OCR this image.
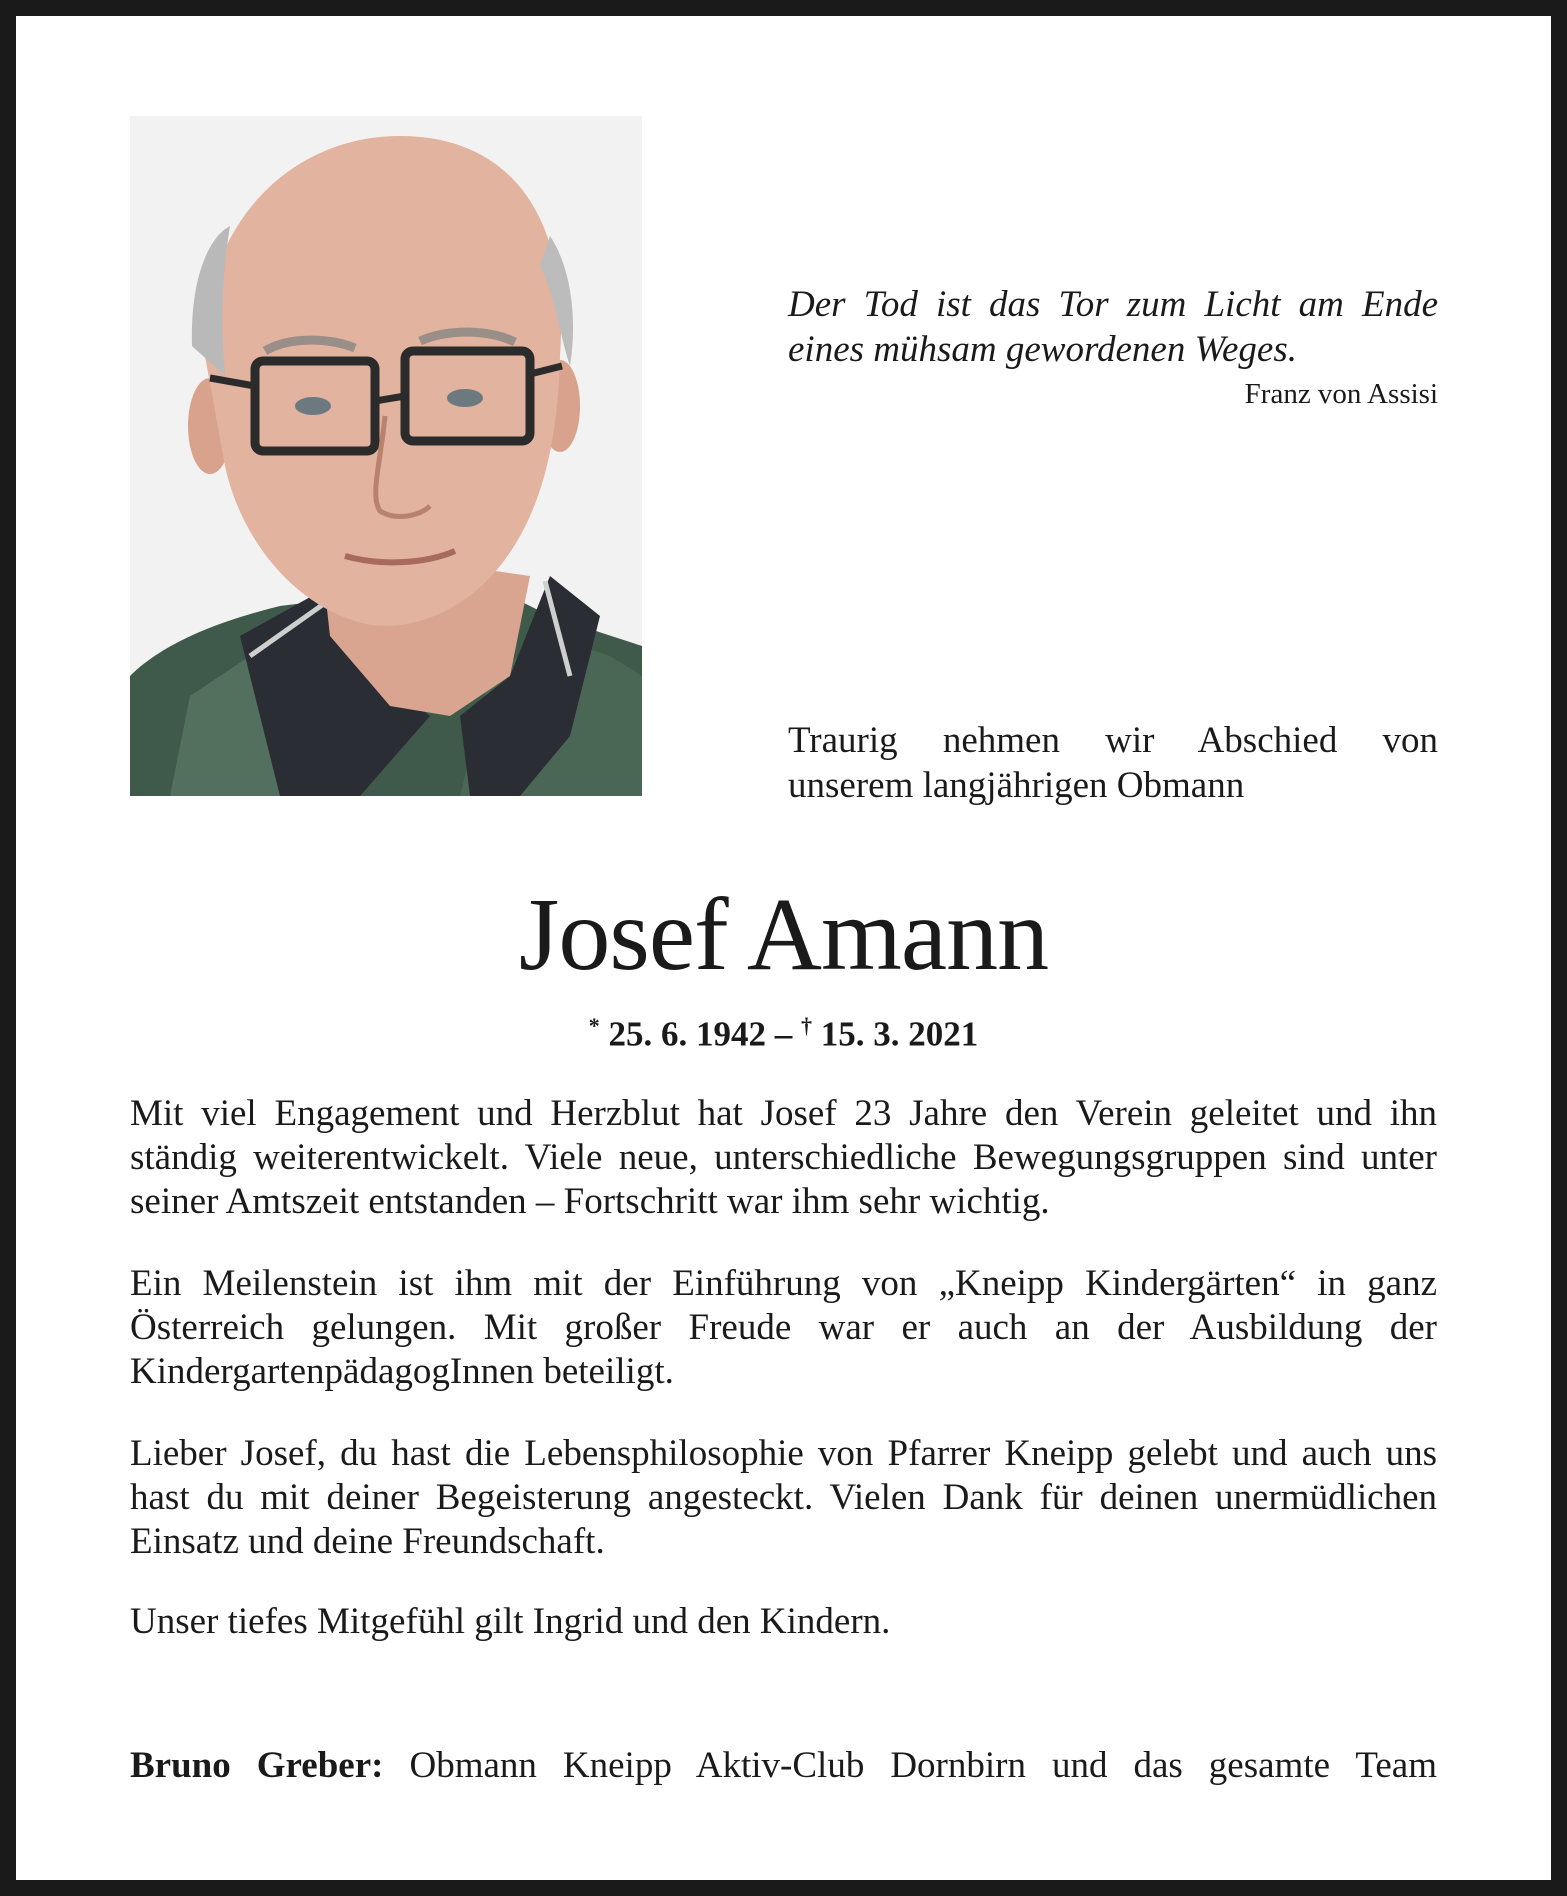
Der Tod ist das Tor zum Licht am Ende eines mühsam gewordenen Weges.
Franz von Assisi
Traurig nehmen wir Abschied von
unserem langjährigen Obmann
Josef Amann
* 25. 6. 1942 – † 15. 3. 2021
Mit viel Engagement und Herzblut hat Josef 23 Jahre den Verein geleitet und ihn ständig weiterentwickelt. Viele neue, unterschiedliche Bewegungsgruppen sind unter seiner Amtszeit entstanden – Fortschritt war ihm sehr wichtig.
Ein Meilenstein ist ihm mit der Einführung von „Kneipp Kindergärten“ in ganz Österreich gelungen. Mit großer Freude war er auch an der Ausbildung der KindergartenpädagogInnen beteiligt.
Lieber Josef, du hast die Lebensphilosophie von Pfarrer Kneipp gelebt und auch uns hast du mit deiner Begeisterung angesteckt. Vielen Dank für deinen unermüdlichen Einsatz und deine Freundschaft.
Unser tiefes Mitgefühl gilt Ingrid und den Kindern.
Bruno Greber: Obmann Kneipp Aktiv-Club Dornbirn und das gesamte Team
